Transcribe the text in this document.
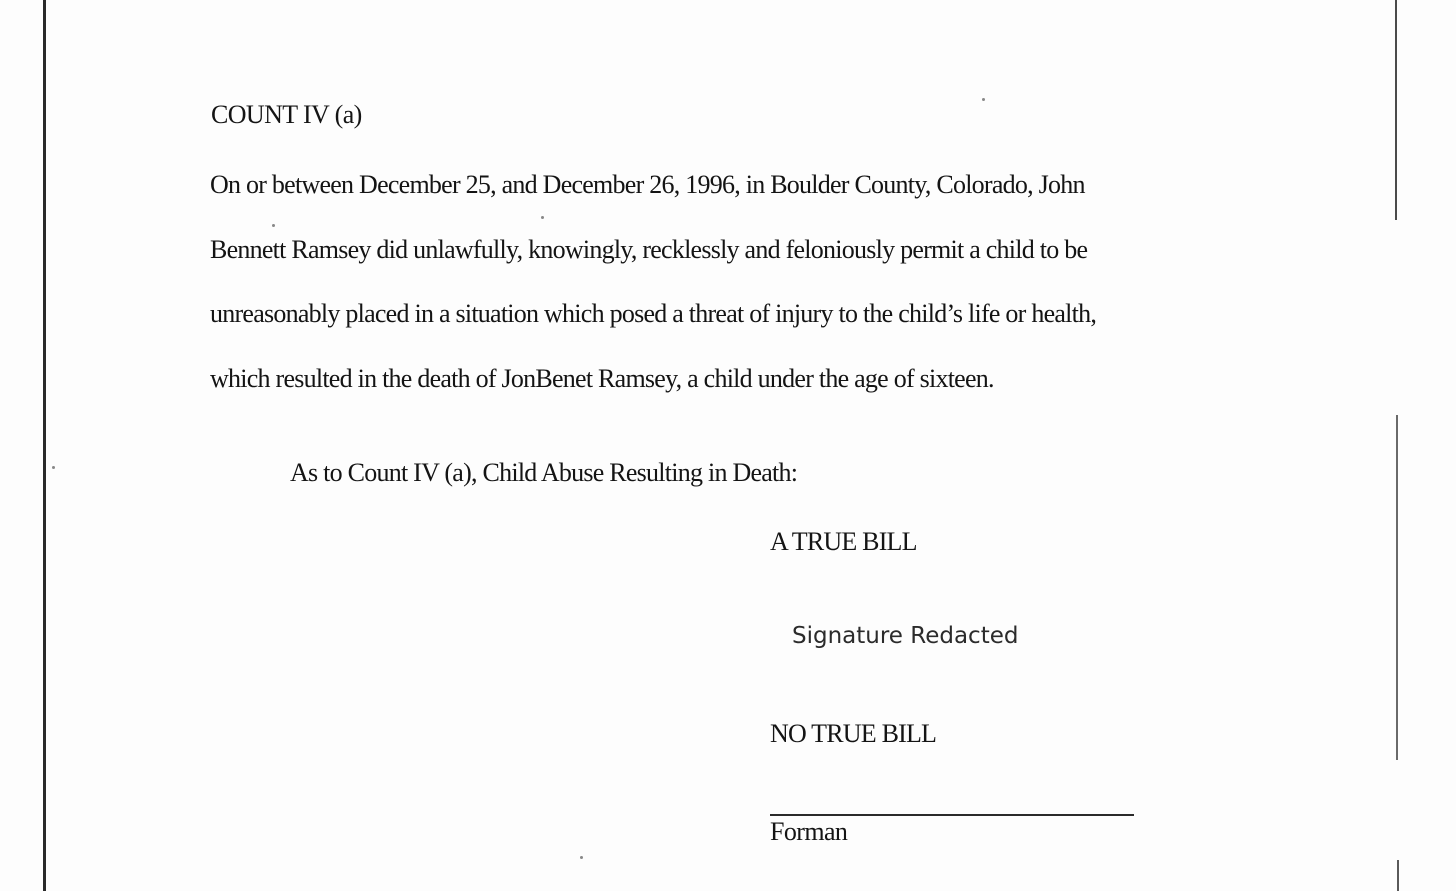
COUNT IV (a)
On or between December 25, and December 26, 1996, in Boulder County, Colorado, John
Bennett Ramsey did unlawfully, knowingly, recklessly and feloniously permit a child to be
unreasonably placed in a situation which posed a threat of injury to the child’s life or health,
which resulted in the death of JonBenet Ramsey, a child under the age of sixteen.
As to Count IV (a), Child Abuse Resulting in Death:
A TRUE BILL
Signature Redacted
NO TRUE BILL
Forman
